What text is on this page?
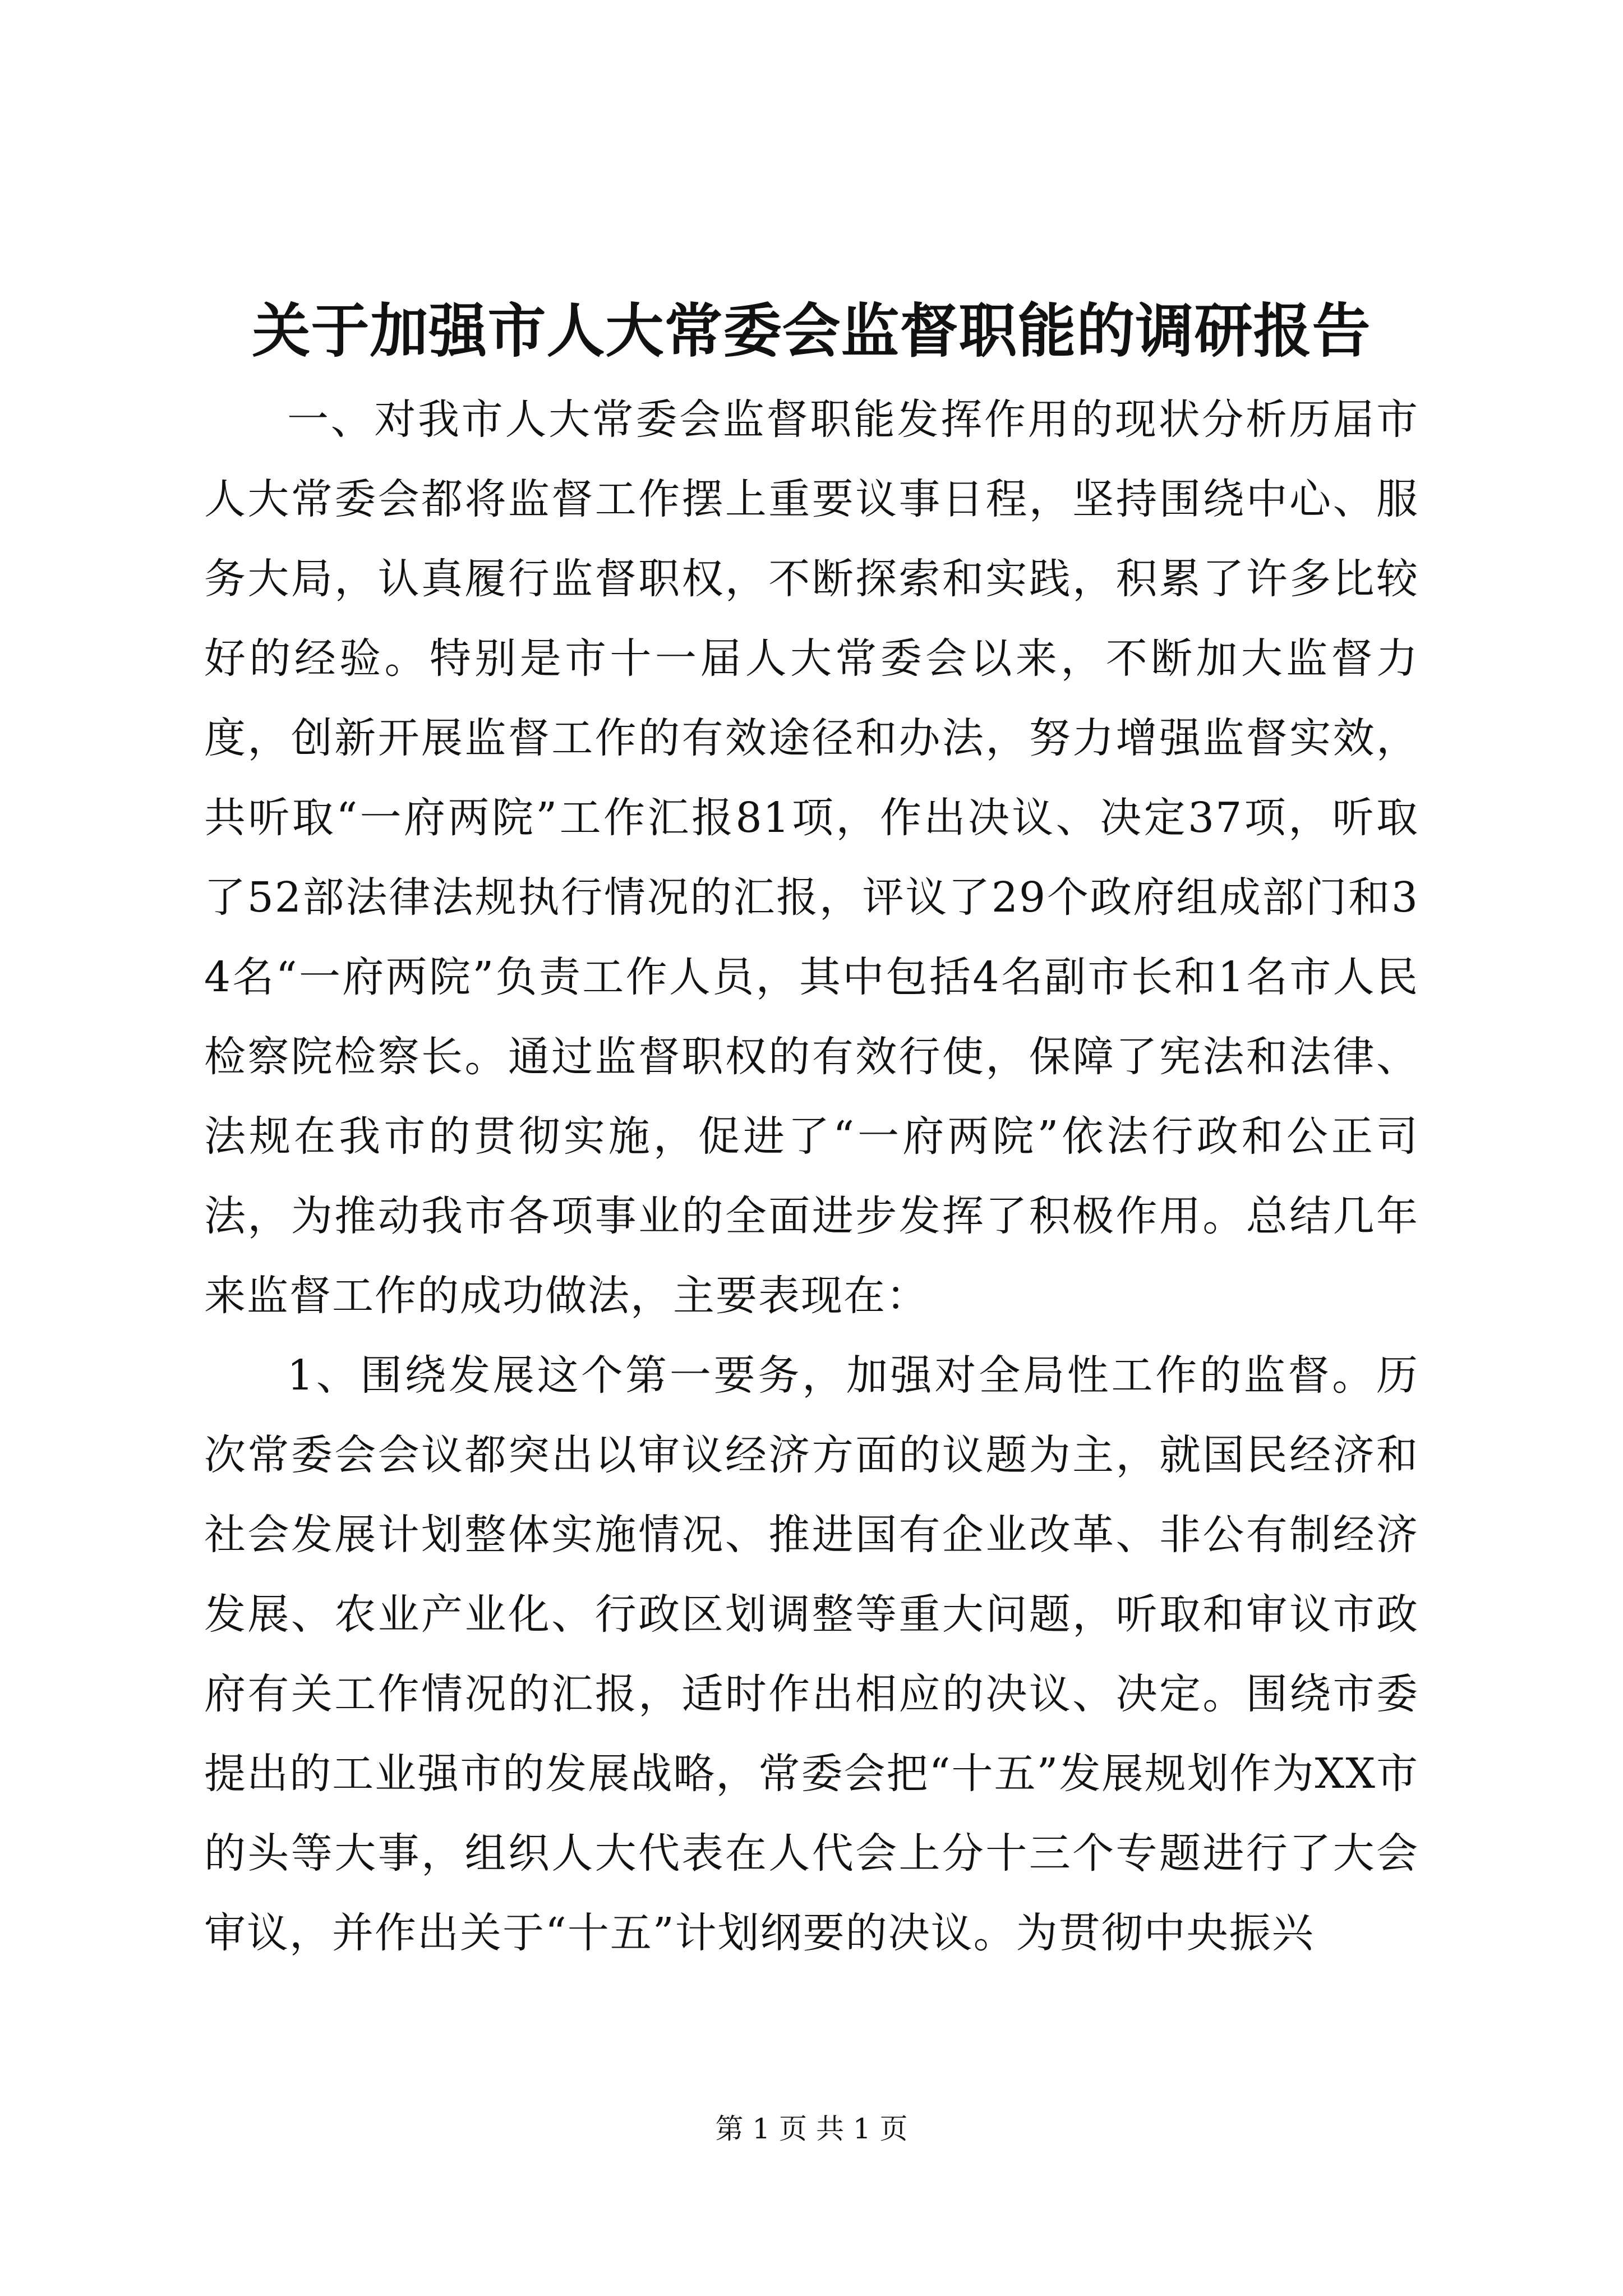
关于加强市人大常委会监督职能的调研报告

一、对我市人大常委会监督职能发挥作用的现状分析历届市人大常委会都将监督工作摆上重要议事日程，坚持围绕中心、服务大局，认真履行监督职权，不断探索和实践，积累了许多比较好的经验。特别是市十一届人大常委会以来，不断加大监督力度，创新开展监督工作的有效途径和办法，努力增强监督实效，共听取“一府两院”工作汇报81项，作出决议、决定37项，听取了52部法律法规执行情况的汇报，评议了29个政府组成部门和34名“一府两院”负责工作人员，其中包括4名副市长和1名市人民检察院检察长。通过监督职权的有效行使，保障了宪法和法律、法规在我市的贯彻实施，促进了“一府两院”依法行政和公正司法，为推动我市各项事业的全面进步发挥了积极作用。总结几年来监督工作的成功做法，主要表现在：

1、围绕发展这个第一要务，加强对全局性工作的监督。历次常委会会议都突出以审议经济方面的议题为主，就国民经济和社会发展计划整体实施情况、推进国有企业改革、非公有制经济发展、农业产业化、行政区划调整等重大问题，听取和审议市政府有关工作情况的汇报，适时作出相应的决议、决定。围绕市委提出的工业强市的发展战略，常委会把“十五”发展规划作为XX市的头等大事，组织人大代表在人代会上分十三个专题进行了大会审议，并作出关于“十五”计划纲要的决议。为贯彻中央振兴

第 1 页 共 1 页
